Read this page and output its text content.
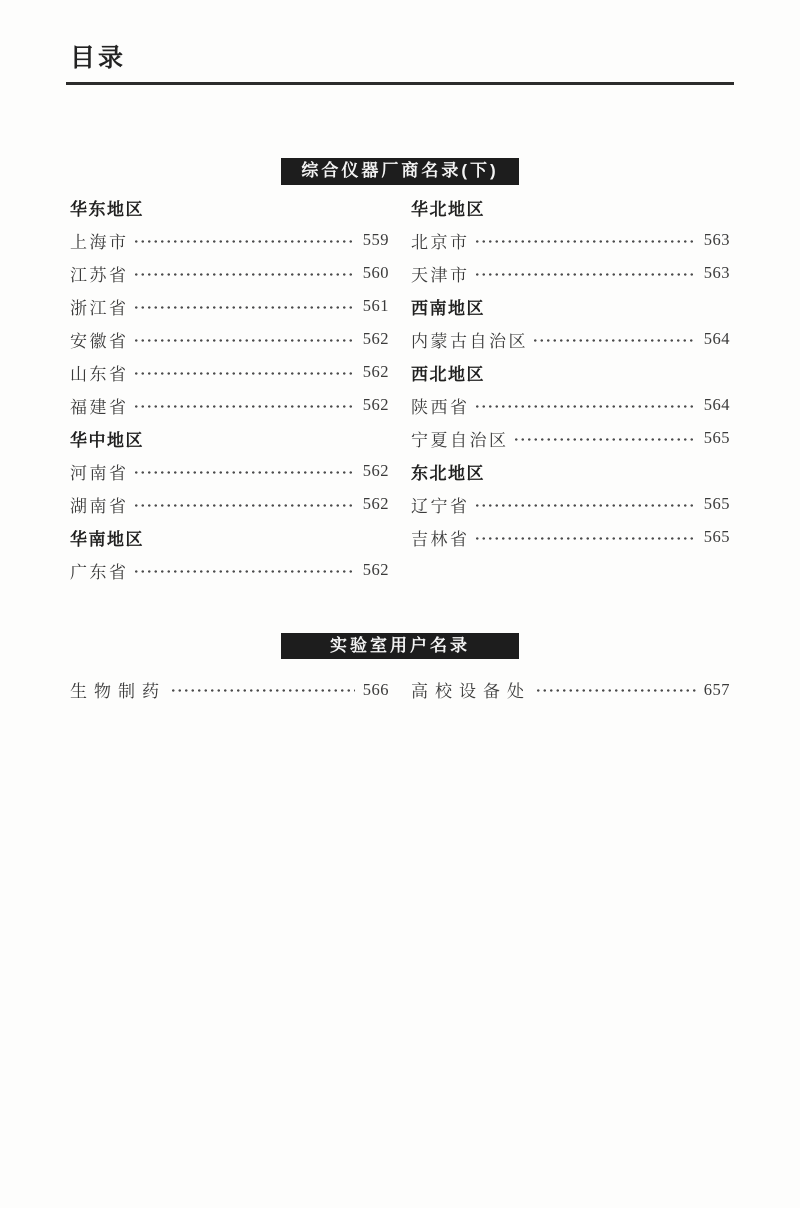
目录
综合仪器厂商名录(下)
华东地区
上海市	559
江苏省	560
浙江省	561
安徽省	562
山东省	562
福建省	562
华中地区
河南省	562
湖南省	562
华南地区
广东省	562
华北地区
北京市	563
天津市	563
西南地区
内蒙古自治区	564
西北地区
陕西省	564
宁夏自治区	565
东北地区
辽宁省	565
吉林省	565
实验室用户名录
生物制药	566 高校设备处	657
